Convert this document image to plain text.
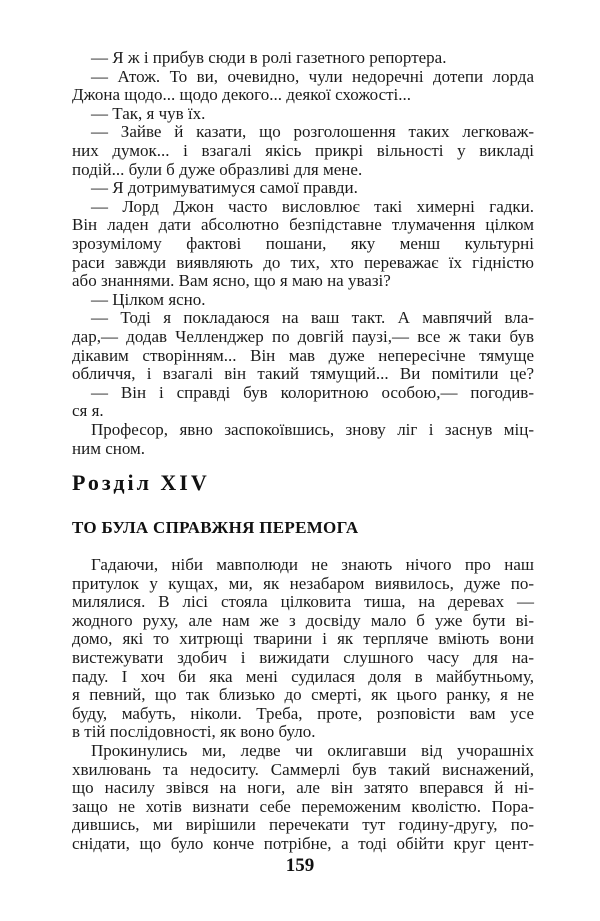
— Я ж і прибув сюди в ролі газетного репортера.
— Атож. То ви, очевидно, чули недоречні дотепи лорда
Джона щодо... щодо декого... деякої схожості...
— Так, я чув їх.
— Зайве й казати, що розголошення таких легковаж-
них думок... і взагалі якісь прикрі вільності у викладі
подій... були б дуже образливі для мене.
— Я дотримуватимуся самої правди.
— Лорд Джон часто висловлює такі химерні гадки.
Він ладен дати абсолютно безпідставне тлумачення цілком
зрозумілому фактові пошани, яку менш культурні
раси завжди виявляють до тих, хто переважає їх гідністю
або знаннями. Вам ясно, що я маю на увазі?
— Цілком ясно.
— Тоді я покладаюся на ваш такт. А мавпячий вла-
дар,— додав Челленджер по довгій паузі,— все ж таки був
дікавим створінням... Він мав дуже непересічне тямуще
обличчя, і взагалі він такий тямущий... Ви помітили це?
— Він і справді був колоритною особою,— погодив-
ся я.
Професор, явно заспокоївшись, знову ліг і заснув міц-
ним сном.
Розділ XIV
ТО БУЛА СПРАВЖНЯ ПЕРЕМОГА
Гадаючи, ніби мавполюди не знають нічого про наш
притулок у кущах, ми, як незабаром виявилось, дуже по-
милялися. В лісі стояла цілковита тиша, на деревах —
жодного руху, але нам же з досвіду мало б уже бути ві-
домо, які то хитрющі тварини і як терпляче вміють вони
вистежувати здобич і вижидати слушного часу для на-
паду. І хоч би яка мені судилася доля в майбутньому,
я певний, що так близько до смерті, як цього ранку, я не
буду, мабуть, ніколи. Треба, проте, розповісти вам усе
в тій послідовності, як воно було.
Прокинулись ми, ледве чи оклигавши від учорашніх
хвилювань та недоситу. Саммерлі був такий виснажений,
що насилу звівся на ноги, але він затято вперався й ні-
защо не хотів визнати себе переможеним кволістю. Пора-
дившись, ми вирішили перечекати тут годину-другу, по-
снідати, що було конче потрібне, а тоді обійти круг цент-
159
